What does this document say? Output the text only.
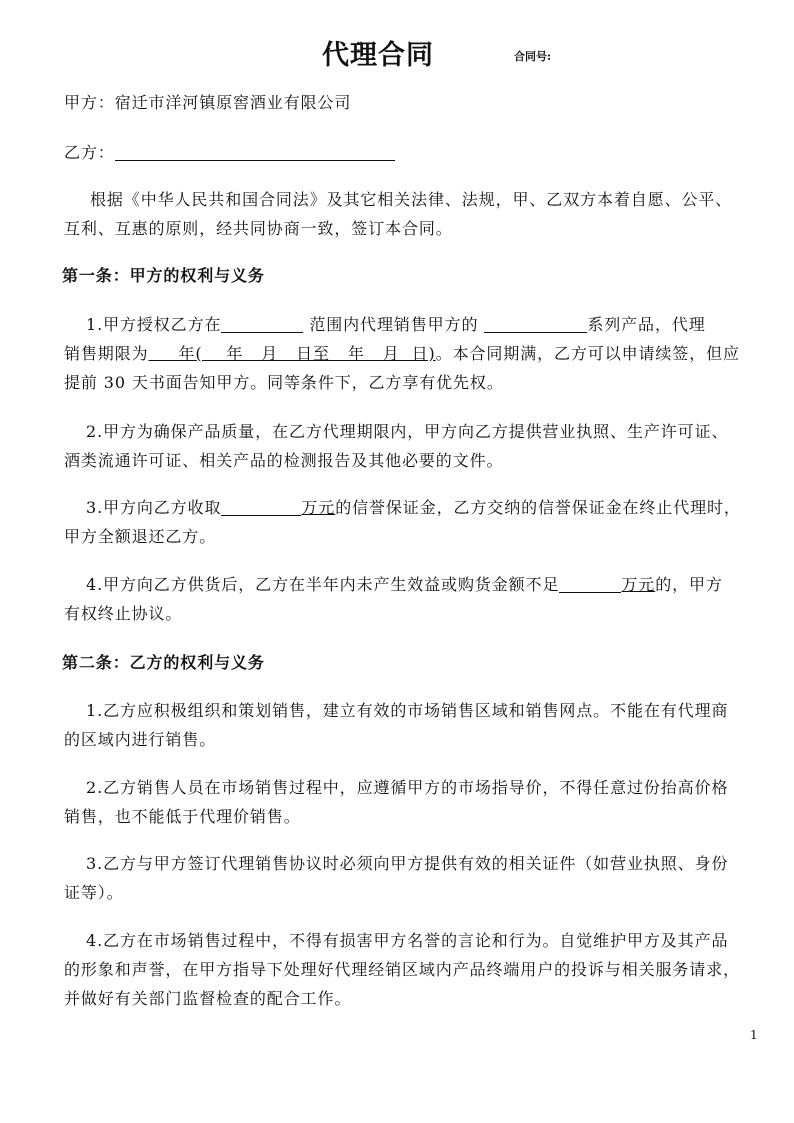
代理合同	合同号:
甲方：宿迁市洋河镇原窖酒业有限公司
乙方：
根据《中华人民共和国合同法》及其它相关法律、法规，甲、乙双方本着自愿、公平、
互利、互惠的原则，经共同协商一致，签订本合同。
第一条：甲方的权利与义务
1.甲方授权乙方在	范围内代理销售甲方的	系列产品，代理
销售期限为     年(    年   月   日至   年   月  日)。本合同期满，乙方可以申请续签，但应
提前 30 天书面告知甲方。同等条件下，乙方享有优先权。
2.甲方为确保产品质量，在乙方代理期限内，甲方向乙方提供营业执照、生产许可证、
酒类流通许可证、相关产品的检测报告及其他必要的文件。
3.甲方向乙方收取	万元的信誉保证金，乙方交纳的信誉保证金在终止代理时，
甲方全额退还乙方。
4.甲方向乙方供货后，乙方在半年内未产生效益或购货金额不足	万元的，甲方
有权终止协议。
第二条：乙方的权利与义务
1.乙方应积极组织和策划销售，建立有效的市场销售区域和销售网点。不能在有代理商
的区域内进行销售。
2.乙方销售人员在市场销售过程中，应遵循甲方的市场指导价，不得任意过份抬高价格
销售，也不能低于代理价销售。
3.乙方与甲方签订代理销售协议时必须向甲方提供有效的相关证件（如营业执照、身份
证等）。
4.乙方在市场销售过程中，不得有损害甲方名誉的言论和行为。自觉维护甲方及其产品
的形象和声誉，在甲方指导下处理好代理经销区域内产品终端用户的投诉与相关服务请求，
并做好有关部门监督检查的配合工作。
1
